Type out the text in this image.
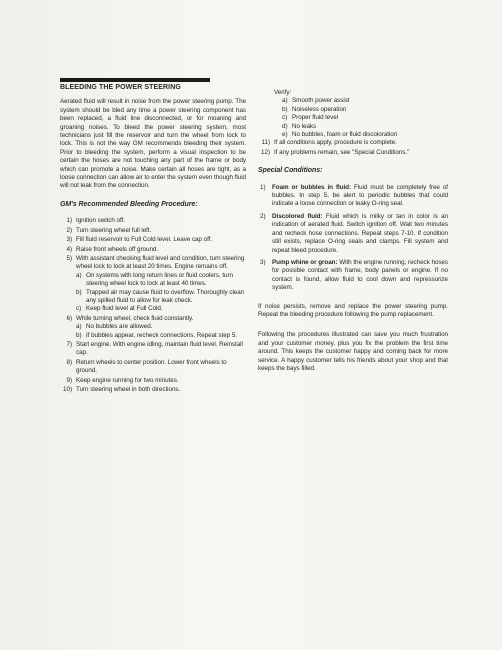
BLEEDING THE POWER STEERING

Aerated fluid will result in noise from the power steering pump. The system should be bled any time a power steering component has been replaced, a fluid line disconnected, or for moaning and groaning noises. To bleed the power steering system, most technicians just fill the reservoir and turn the wheel from lock to lock. This is not the way GM recommends bleeding their system. Prior to bleeding the system, perform a visual inspection to be certain the hoses are not touching any part of the frame or body which can promote a noise. Make certain all hoses are tight, as a loose connection can allow air to enter the system even though fluid will not leak from the connection.

GM's Recommended Bleeding Procedure:
1) Ignition switch off.
2) Turn steering wheel full left.
3) Fill fluid reservoir to Full Cold level. Leave cap off.
4) Raise front wheels off ground.
5) With assistant checking fluid level and condition, turn steering wheel lock to lock at least 20 times. Engine remains off.
a) On systems with long return lines or fluid coolers, turn steering wheel lock to lock at least 40 times.
b) Trapped air may cause fluid to overflow. Thoroughly clean any spilled fluid to allow for leak check.
c) Keep fluid level at Full Cold.
6) While turning wheel, check fluid constantly.
a) No bubbles are allowed.
b) If bubbles appear, recheck connections. Repeat step 5.
7) Start engine. With engine idling, maintain fluid level. Reinstall cap.
8) Return wheels to center position. Lower front wheels to ground.
9) Keep engine running for two minutes.
10) Turn steering wheel in both directions.
Verify:
a) Smooth power assist
b) Noiseless operation
c) Proper fluid level
d) No leaks
e) No bubbles, foam or fluid discoloration
11) If all conditions apply, procedure is complete.
12) If any problems remain, see "Special Conditions."
Special Conditions:
1) Foam or bubbles in fluid: Fluid must be completely free of bubbles. In step 5, be alert to periodic bubbles that could indicate a loose connection or leaky O-ring seal.
2) Discolored fluid: Fluid which is milky or tan in color is an indication of aerated fluid. Switch ignition off. Wait two minutes and recheck hose connections. Repeat steps 7-10. If condition still exists, replace O-ring seals and clamps. Fill system and repeat bleed procedure.
3) Pump whine or groan: With the engine running, recheck hoses for possible contact with frame, body panels or engine. If no contact is found, allow fluid to cool down and repressurize system.

If noise persists, remove and replace the power steering pump. Repeat the bleeding procedure following the pump replacement.

Following the procedures illustrated can save you much frustration and your customer money, plus you fix the problem the first time around. This keeps the customer happy and coming back for more service. A happy customer tells his friends about your shop and that keeps the bays filled.
